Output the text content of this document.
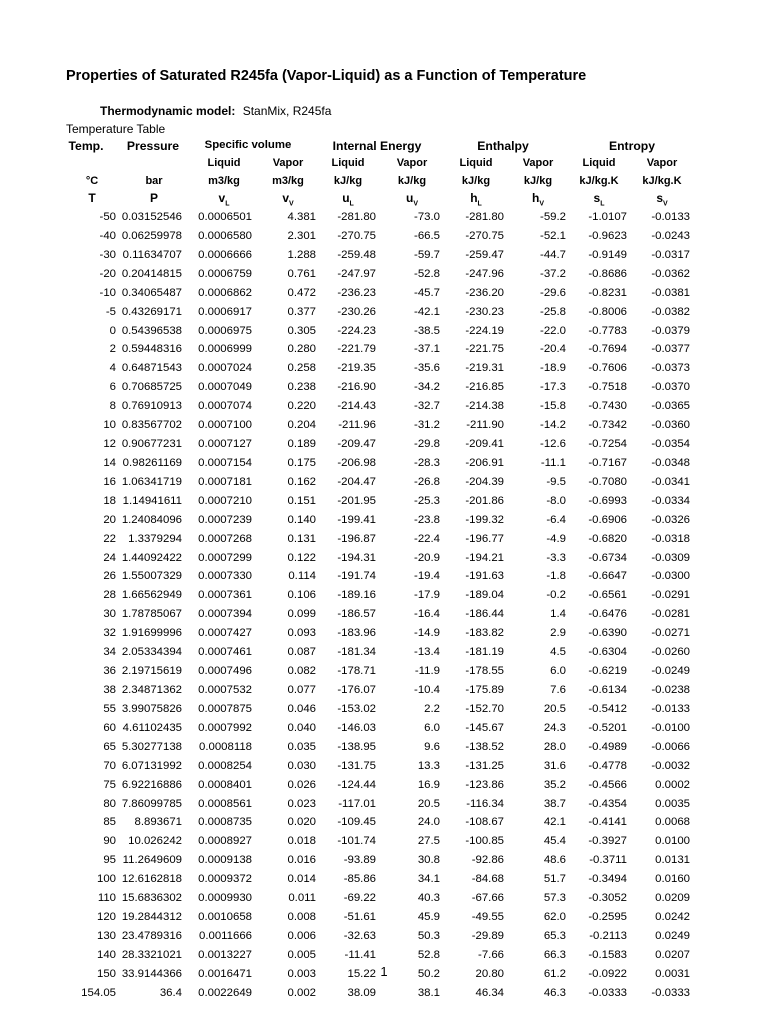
Properties of Saturated R245fa (Vapor-Liquid) as a Function of Temperature
Thermodynamic model: StanMix, R245fa
Temperature Table
Temp.	Pressure	Specific volume	Internal Energy	Enthalpy	Entropy
Liquid	Vapor	Liquid	Vapor	Liquid	Vapor	Liquid	Vapor
°C	bar	m3/kg	m3/kg	kJ/kg	kJ/kg	kJ/kg	kJ/kg	kJ/kg.K	kJ/kg.K
T	P	$v_L$	$v_V$	$u_L$	$u_V$	$h_L$	$h_V$	$s_L$	$s_V$
-50 0.03152546	0.0006501	4.381	-281.80	-73.0	-281.80	-59.2	-1.0107	-0.0133
-40 0.06259978	0.0006580	2.301	-270.75	-66.5	-270.75	-52.1	-0.9623	-0.0243
-30 0.11634707	0.0006666	1.288	-259.48	-59.7	-259.47	-44.7	-0.9149	-0.0317
-20 0.20414815	0.0006759	0.761	-247.97	-52.8	-247.96	-37.2	-0.8686	-0.0362
-10 0.34065487	0.0006862	0.472	-236.23	-45.7	-236.20	-29.6	-0.8231	-0.0381
-5 0.43269171	0.0006917	0.377	-230.26	-42.1	-230.23	-25.8	-0.8006	-0.0382
0 0.54396538	0.0006975	0.305	-224.23	-38.5	-224.19	-22.0	-0.7783	-0.0379
2 0.59448316	0.0006999	0.280	-221.79	-37.1	-221.75	-20.4	-0.7694	-0.0377
4 0.64871543	0.0007024	0.258	-219.35	-35.6	-219.31	-18.9	-0.7606	-0.0373
6 0.70685725	0.0007049	0.238	-216.90	-34.2	-216.85	-17.3	-0.7518	-0.0370
8 0.76910913	0.0007074	0.220	-214.43	-32.7	-214.38	-15.8	-0.7430	-0.0365
10 0.83567702	0.0007100	0.204	-211.96	-31.2	-211.90	-14.2	-0.7342	-0.0360
12 0.90677231	0.0007127	0.189	-209.47	-29.8	-209.41	-12.6	-0.7254	-0.0354
14 0.98261169	0.0007154	0.175	-206.98	-28.3	-206.91	-11.1	-0.7167	-0.0348
16 1.06341719	0.0007181	0.162	-204.47	-26.8	-204.39	-9.5	-0.7080	-0.0341
18 1.14941611	0.0007210	0.151	-201.95	-25.3	-201.86	-8.0	-0.6993	-0.0334
20 1.24084096	0.0007239	0.140	-199.41	-23.8	-199.32	-6.4	-0.6906	-0.0326
22	1.3379294	0.0007268	0.131	-196.87	-22.4	-196.77	-4.9	-0.6820	-0.0318
24 1.44092422	0.0007299	0.122	-194.31	-20.9	-194.21	-3.3	-0.6734	-0.0309
26 1.55007329	0.0007330	0.114	-191.74	-19.4	-191.63	-1.8	-0.6647	-0.0300
28 1.66562949	0.0007361	0.106	-189.16	-17.9	-189.04	-0.2	-0.6561	-0.0291
30 1.78785067	0.0007394	0.099	-186.57	-16.4	-186.44	1.4	-0.6476	-0.0281
32 1.91699996	0.0007427	0.093	-183.96	-14.9	-183.82	2.9	-0.6390	-0.0271
34 2.05334394	0.0007461	0.087	-181.34	-13.4	-181.19	4.5	-0.6304	-0.0260
36 2.19715619	0.0007496	0.082	-178.71	-11.9	-178.55	6.0	-0.6219	-0.0249
38 2.34871362	0.0007532	0.077	-176.07	-10.4	-175.89	7.6	-0.6134	-0.0238
55 3.99075826	0.0007875	0.046	-153.02	2.2	-152.70	20.5	-0.5412	-0.0133
60 4.61102435	0.0007992	0.040	-146.03	6.0	-145.67	24.3	-0.5201	-0.0100
65 5.30277138	0.0008118	0.035	-138.95	9.6	-138.52	28.0	-0.4989	-0.0066
70 6.07131992	0.0008254	0.030	-131.75	13.3	-131.25	31.6	-0.4778	-0.0032
75 6.92216886	0.0008401	0.026	-124.44	16.9	-123.86	35.2	-0.4566	0.0002
80 7.86099785	0.0008561	0.023	-117.01	20.5	-116.34	38.7	-0.4354	0.0035
85	8.893671	0.0008735	0.020	-109.45	24.0	-108.67	42.1	-0.4141	0.0068
90	10.026242	0.0008927	0.018	-101.74	27.5	-100.85	45.4	-0.3927	0.0100
95 11.2649609	0.0009138	0.016	-93.89	30.8	-92.86	48.6	-0.3711	0.0131
100 12.6162818	0.0009372	0.014	-85.86	34.1	-84.68	51.7	-0.3494	0.0160
110 15.6836302	0.0009930	0.011	-69.22	40.3	-67.66	57.3	-0.3052	0.0209
120 19.2844312	0.0010658	0.008	-51.61	45.9	-49.55	62.0	-0.2595	0.0242
130 23.4789316	0.0011666	0.006	-32.63	50.3	-29.89	65.3	-0.2113	0.0249
140 28.3321021	0.0013227	0.005	-11.41	52.8	-7.66	66.3	-0.1583	0.0207
150 33.9144366	0.0016471	0.003	15.22	50.2	20.80	61.2	-0.0922	0.0031
154.05	36.4	0.0022649	0.002	38.09	38.1	46.34	46.3	-0.0333	-0.0333
1
